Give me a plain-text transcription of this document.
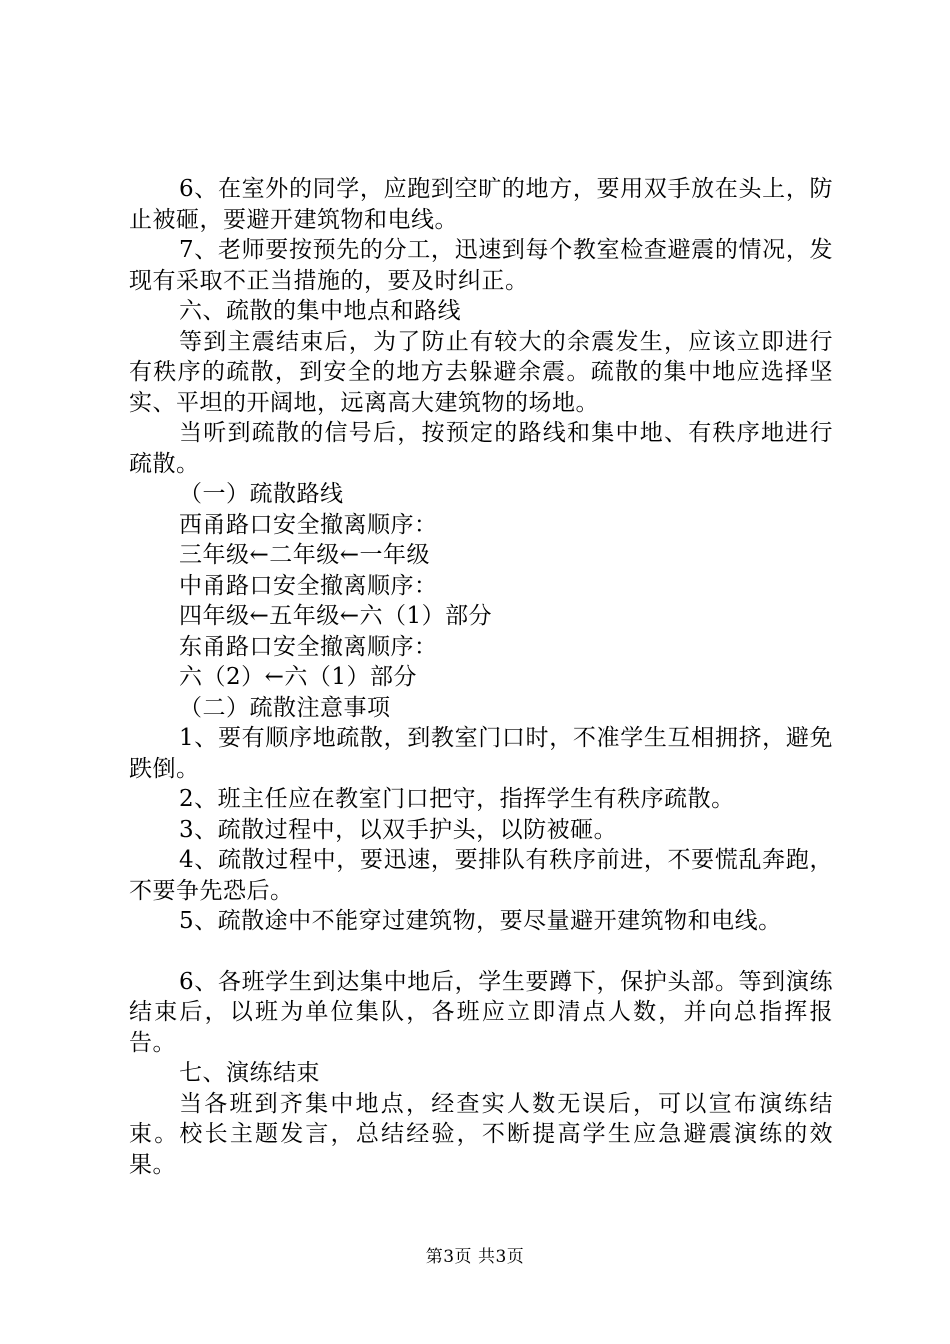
6、在室外的同学，应跑到空旷的地方，要用双手放在头上，防止被砸，要避开建筑物和电线。

7、老师要按预先的分工，迅速到每个教室检查避震的情况，发现有采取不正当措施的，要及时纠正。

六、疏散的集中地点和路线

等到主震结束后，为了防止有较大的余震发生，应该立即进行有秩序的疏散，到安全的地方去躲避余震。疏散的集中地应选择坚实、平坦的开阔地，远离高大建筑物的场地。

当听到疏散的信号后，按预定的路线和集中地、有秩序地进行疏散。

（一）疏散路线

西甬路口安全撤离顺序：

三年级←二年级←一年级

中甬路口安全撤离顺序：

四年级←五年级←六（1）部分

东甬路口安全撤离顺序：

六（2）←六（1）部分

（二）疏散注意事项

1、要有顺序地疏散，到教室门口时，不准学生互相拥挤，避免跌倒。

2、班主任应在教室门口把守，指挥学生有秩序疏散。

3、疏散过程中，以双手护头，以防被砸。

4、疏散过程中，要迅速，要排队有秩序前进，不要慌乱奔跑，不要争先恐后。

5、疏散途中不能穿过建筑物，要尽量避开建筑物和电线。

6、各班学生到达集中地后，学生要蹲下，保护头部。等到演练结束后，以班为单位集队，各班应立即清点人数，并向总指挥报告。

七、演练结束

当各班到齐集中地点，经查实人数无误后，可以宣布演练结束。校长主题发言，总结经验，不断提高学生应急避震演练的效果。

第3页 共3页
